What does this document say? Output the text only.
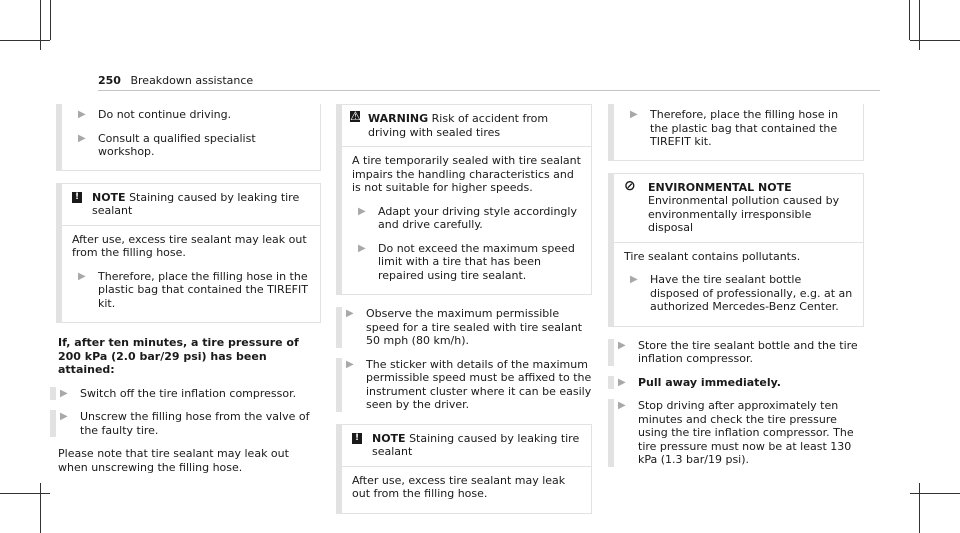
250 Breakdown assistance
▶ Do not continue driving.
▶ Consult a qualified specialist workshop.
! NOTE Staining caused by leaking tire sealant

After use, excess tire sealant may leak out from the filling hose.

▶ Therefore, place the filling hose in the plastic bag that contained the TIREFIT kit.

If, after ten minutes, a tire pressure of 200 kPa (2.0 bar/29 psi) has been attained:

▶ Switch off the tire inflation compressor.
▶ Unscrew the filling hose from the valve of the faulty tire.

Please note that tire sealant may leak out when unscrewing the filling hose.

⚠ WARNING Risk of accident from driving with sealed tires

A tire temporarily sealed with tire sealant impairs the handling characteristics and is not suitable for higher speeds.

▶ Adapt your driving style accordingly and drive carefully.
▶ Do not exceed the maximum speed limit with a tire that has been repaired using tire sealant.
▶ Observe the maximum permissible speed for a tire sealed with tire sealant 50 mph (80 km/h).
▶ The sticker with details of the maximum permissible speed must be affixed to the instrument cluster where it can be easily seen by the driver.
! NOTE Staining caused by leaking tire sealant

After use, excess tire sealant may leak out from the filling hose.

▶ Therefore, place the filling hose in the plastic bag that contained the TIREFIT kit.
⊘ ENVIRONMENTAL NOTE Environmental pollution caused by environmentally irresponsible disposal

Tire sealant contains pollutants.

▶ Have the tire sealant bottle disposed of professionally, e.g. at an authorized Mercedes-Benz Center.
▶ Store the tire sealant bottle and the tire inflation compressor.
▶ Pull away immediately.
▶ Stop driving after approximately ten minutes and check the tire pressure using the tire inflation compressor. The tire pressure must now be at least 130 kPa (1.3 bar/19 psi).
